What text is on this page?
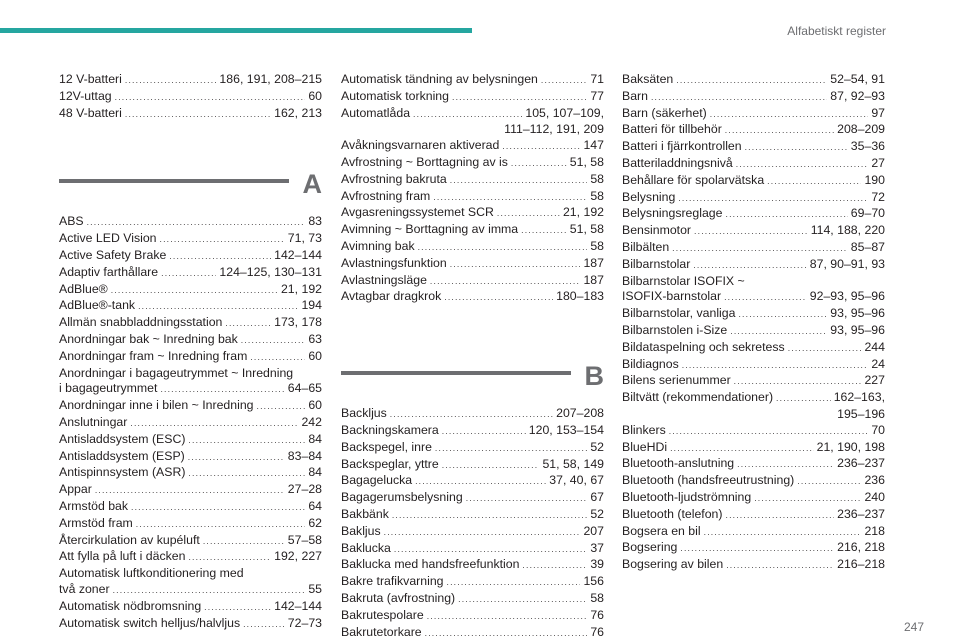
Alfabetiskt register
12 V-batteri . . .	186, 191, 208–215
12V-uttag . . .	60
48 V-batteri . . .	162, 213
A
ABS . . .	83
Active LED Vision . . .	71, 73
Active Safety Brake . . .	142–144
Adaptiv farthållare . . .	124–125, 130–131
AdBlue® . . .	21, 192
AdBlue®-tank . . .	194
Allmän snabbladdningsstation . . .	173, 178
Anordningar bak ~ Inredning bak . . .	63
Anordningar fram ~ Inredning fram . . .	60
Anordningar i bagageutrymmet ~ Inredning
i bagageutrymmet . . .	64–65
Anordningar inne i bilen ~ Inredning . . .	60
Anslutningar . . .	242
Antisladdsystem (ESC) . . .	84
Antisladdsystem (ESP) . . .	83–84
Antispinnsystem (ASR) . . .	84
Appar . . .	27–28
Armstöd bak . . .	64
Armstöd fram . . .	62
Återcirkulation av kupéluft . . .	57–58
Att fylla på luft i däcken . . .	192, 227
Automatisk luftkonditionering med
två zoner . . .	55
Automatisk nödbromsning . . .	142–144
Automatisk switch helljus/halvljus . . .	72–73
Automatisk tändning av belysningen . . .	71
Automatisk torkning . . .	77
Automatlåda . . .	105, 107–109,
111–112, 191, 209
Avåkningsvarnaren aktiverad . . .	147
Avfrostning ~ Borttagning av is . . .	51, 58
Avfrostning bakruta . . .	58
Avfrostning fram . . .	58
Avgasreningssystemet SCR . . .	21, 192
Avimning ~ Borttagning av imma . . .	51, 58
Avimning bak . . .	58
Avlastningsfunktion . . .	187
Avlastningsläge . . .	187
Avtagbar dragkrok . . .	180–183
B
Backljus . . .	207–208
Backningskamera . . .	120, 153–154
Backspegel, inre . . .	52
Backspeglar, yttre . . .	51, 58, 149
Bagagelucka . . .	37, 40, 67
Bagagerumsbelysning . . .	67
Bakbänk . . .	52
Bakljus . . .	207
Baklucka . . .	37
Baklucka med handsfreefunktion . . .	39
Bakre trafikvarning . . .	156
Bakruta (avfrostning) . . .	58
Bakrutespolare . . .	76
Bakrutetorkare . . .	76
Baksäten . . .	52–54, 91
Barn . . .	87, 92–93
Barn (säkerhet) . . .	97
Batteri för tillbehör . . .	208–209
Batteri i fjärrkontrollen . . .	35–36
Batteriladdningsnivå . . .	27
Behållare för spolarvätska . . .	190
Belysning . . .	72
Belysningsreglage . . .	69–70
Bensinmotor . . .	114, 188, 220
Bilbälten . . .	85–87
Bilbarnstolar . . .	87, 90–91, 93
Bilbarnstolar ISOFIX ~
ISOFIX-barnstolar . . .	92–93, 95–96
Bilbarnstolar, vanliga . . .	93, 95–96
Bilbarnstolen i-Size . . .	93, 95–96
Bildataspelning och sekretess . . .	244
Bildiagnos . . .	24
Bilens serienummer . . .	227
Biltvätt (rekommendationer) . . .	162–163,
195–196
Blinkers . . .	70
BlueHDi . . .	21, 190, 198
Bluetooth-anslutning . . .	236–237
Bluetooth (handsfreeutrustning) . . .	236
Bluetooth-ljudströmning . . .	240
Bluetooth (telefon) . . .	236–237
Bogsera en bil . . .	218
Bogsering . . .	216, 218
Bogsering av bilen . . .	216–218
247
